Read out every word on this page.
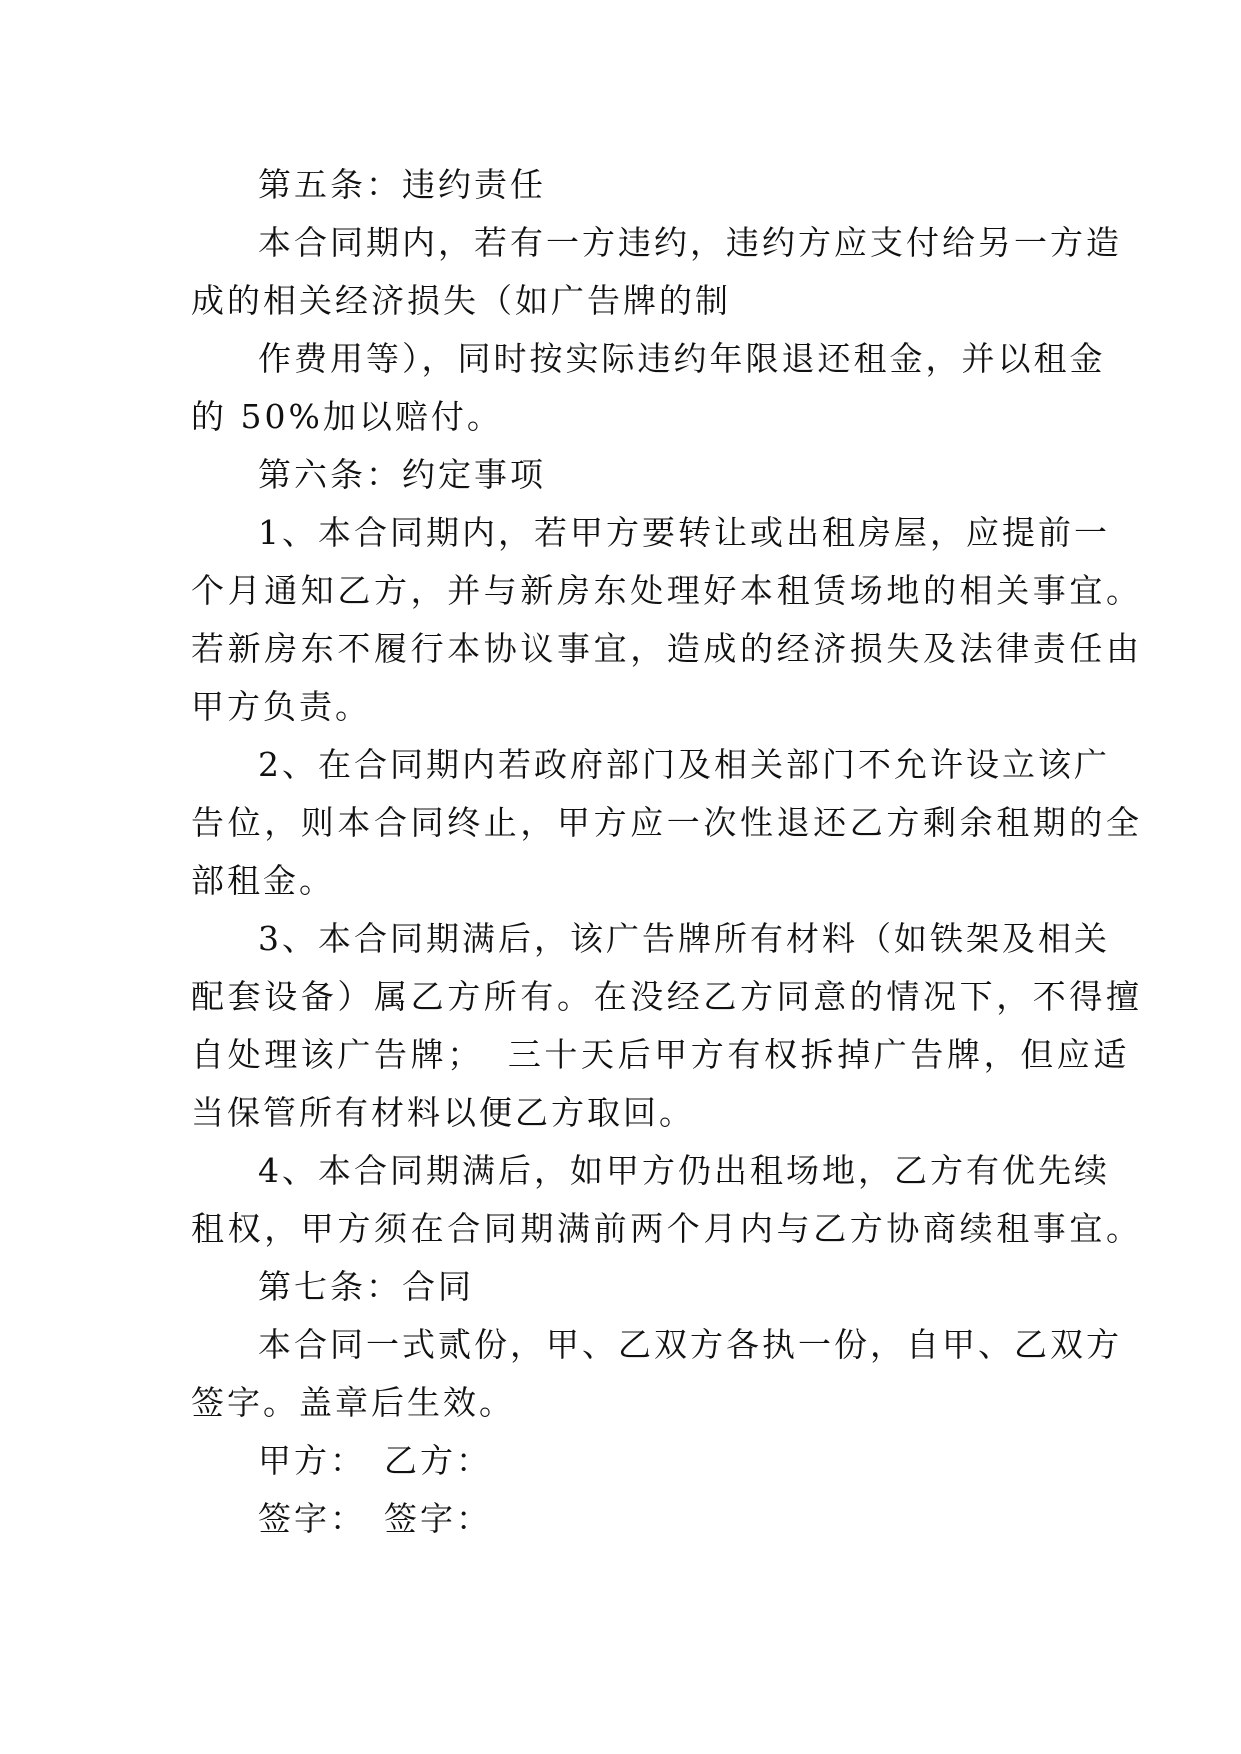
第五条：违约责任
本合同期内，若有一方违约，违约方应支付给另一方造
成的相关经济损失（如广告牌的制
作费用等），同时按实际违约年限退还租金，并以租金
的 50%加以赔付。
第六条：约定事项
1、本合同期内，若甲方要转让或出租房屋，应提前一
个月通知乙方，并与新房东处理好本租赁场地的相关事宜。
若新房东不履行本协议事宜，造成的经济损失及法律责任由
甲方负责。
2、在合同期内若政府部门及相关部门不允许设立该广
告位，则本合同终止，甲方应一次性退还乙方剩余租期的全
部租金。
3、本合同期满后，该广告牌所有材料（如铁架及相关
配套设备）属乙方所有。在没经乙方同意的情况下，不得擅
自处理该广告牌； 三十天后甲方有权拆掉广告牌，但应适
当保管所有材料以便乙方取回。
4、本合同期满后，如甲方仍出租场地，乙方有优先续
租权，甲方须在合同期满前两个月内与乙方协商续租事宜。
第七条：合同
本合同一式贰份，甲、乙双方各执一份，自甲、乙双方
签字。盖章后生效。
甲方： 乙方：
签字： 签字：
